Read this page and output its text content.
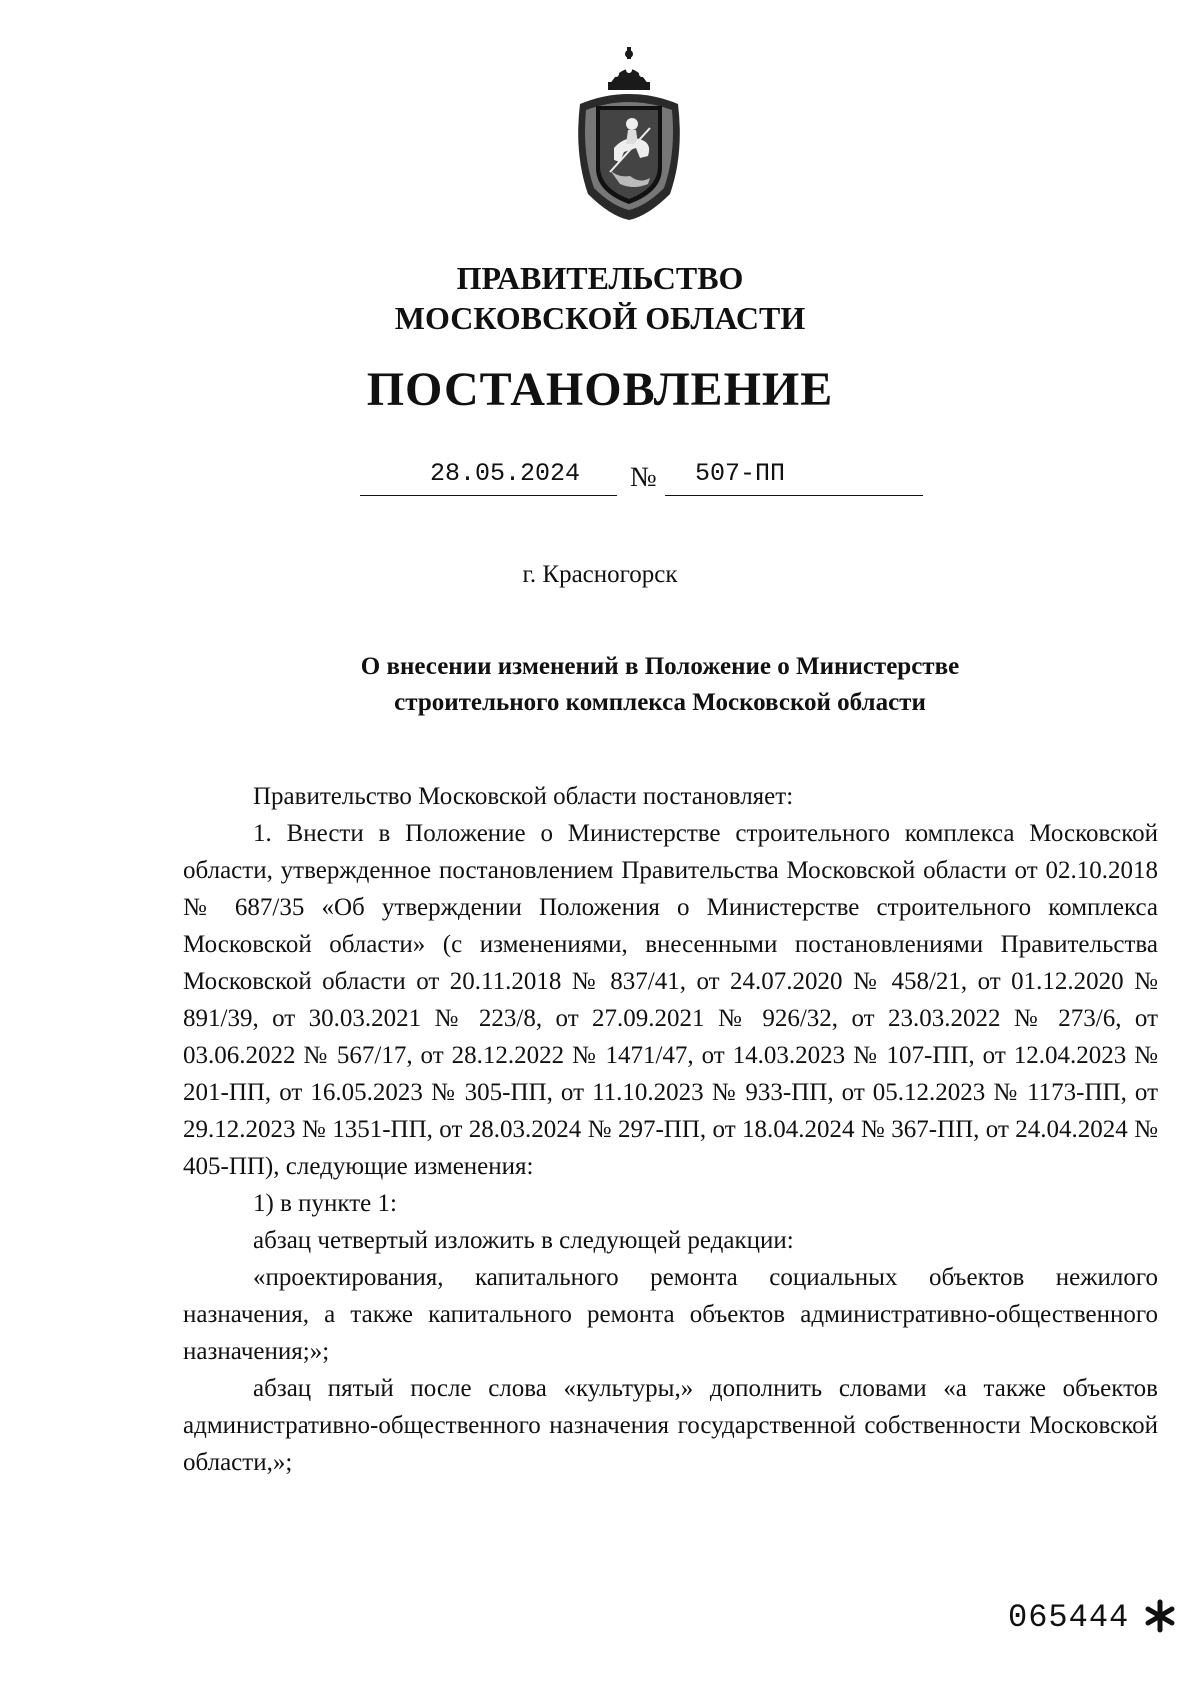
ПРАВИТЕЛЬСТВО
МОСКОВСКОЙ ОБЛАСТИ
ПОСТАНОВЛЕНИЕ
28.05.2024 № 507-ПП
г. Красногорск
О внесении изменений в Положение о Министерстве
строительного комплекса Московской области

Правительство Московской области постановляет:

1. Внести в Положение о Министерстве строительного комплекса Московской области, утвержденное постановлением Правительства Московской области от 02.10.2018 № 687/35 «Об утверждении Положения о Министерстве строительного комплекса Московской области» (с изменениями, внесенными постановлениями Правительства Московской области от 20.11.2018 № 837/41, от 24.07.2020 № 458/21, от 01.12.2020 № 891/39, от 30.03.2021 № 223/8, от 27.09.2021 № 926/32, от 23.03.2022 № 273/6, от 03.06.2022 № 567/17, от 28.12.2022 № 1471/47, от 14.03.2023 № 107-ПП, от 12.04.2023 № 201-ПП, от 16.05.2023 № 305-ПП, от 11.10.2023 № 933-ПП, от 05.12.2023 № 1173-ПП, от 29.12.2023 № 1351-ПП, от 28.03.2024 № 297-ПП, от 18.04.2024 № 367-ПП, от 24.04.2024 № 405-ПП), следующие изменения:

1) в пункте 1:

абзац четвертый изложить в следующей редакции:

«проектирования, капитального ремонта социальных объектов нежилого назначения, а также капитального ремонта объектов административно-общественного назначения;»;

абзац пятый после слова «культуры,» дополнить словами «а также объектов административно-общественного назначения государственной собственности Московской области,»;

065444
